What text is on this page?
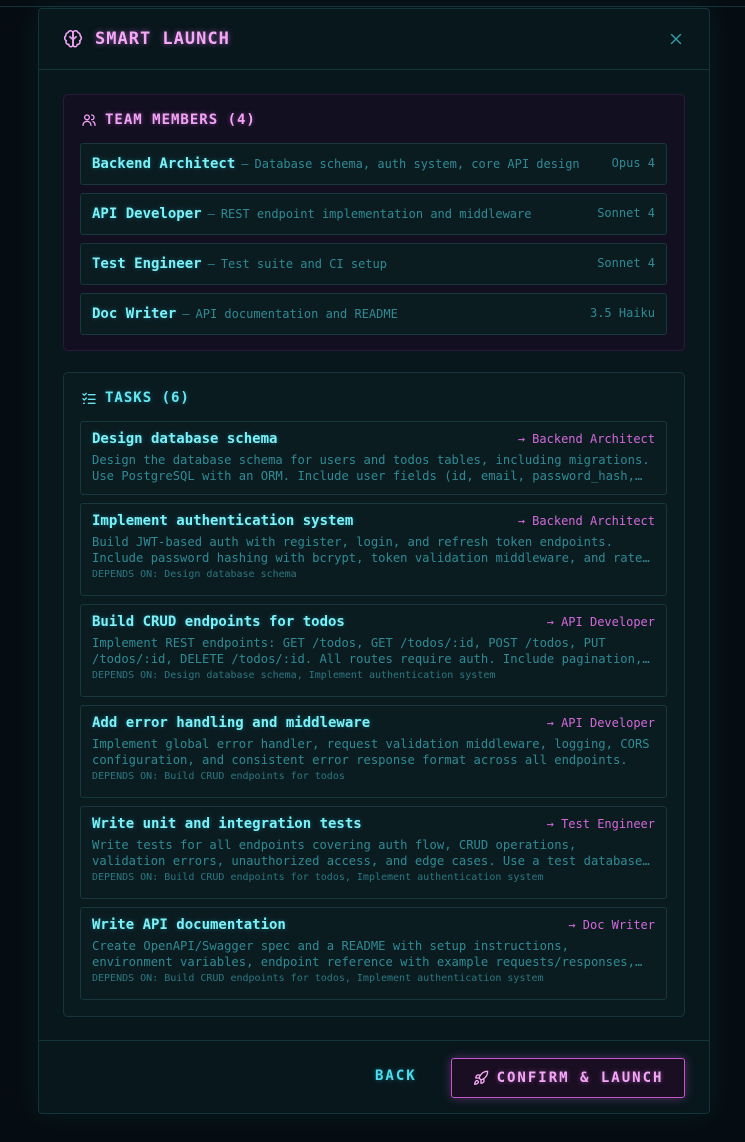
SMART LAUNCH
TEAM MEMBERS (4)
Backend Architect — Database schema, auth system, core API design	Opus 4
API Developer — REST endpoint implementation and middleware	Sonnet 4
Test Engineer — Test suite and CI setup	Sonnet 4
Doc Writer — API documentation and README	3.5 Haiku
TASKS (6)
Design database schema	→ Backend Architect
Design the database schema for users and todos tables, including migrations. Use PostgreSQL with an ORM. Include user fields (id, email, password_hash,
Implement authentication system	→ Backend Architect
Build JWT-based auth with register, login, and refresh token endpoints. Include password hashing with bcrypt, token validation middleware, and rate
DEPENDS ON: Design database schema
Build CRUD endpoints for todos	→ API Developer
Implement REST endpoints: GET /todos, GET /todos/:id, POST /todos, PUT /todos/:id, DELETE /todos/:id. All routes require auth. Include pagination,
DEPENDS ON: Design database schema, Implement authentication system
Add error handling and middleware	→ API Developer
Implement global error handler, request validation middleware, logging, CORS configuration, and consistent error response format across all endpoints.
DEPENDS ON: Build CRUD endpoints for todos
Write unit and integration tests	→ Test Engineer
Write tests for all endpoints covering auth flow, CRUD operations, validation errors, unauthorized access, and edge cases. Use a test database
DEPENDS ON: Build CRUD endpoints for todos, Implement authentication system
Write API documentation	→ Doc Writer
Create OpenAPI/Swagger spec and a README with setup instructions, environment variables, endpoint reference with example requests/responses,
DEPENDS ON: Build CRUD endpoints for todos, Implement authentication system
BACK	CONFIRM & LAUNCH
